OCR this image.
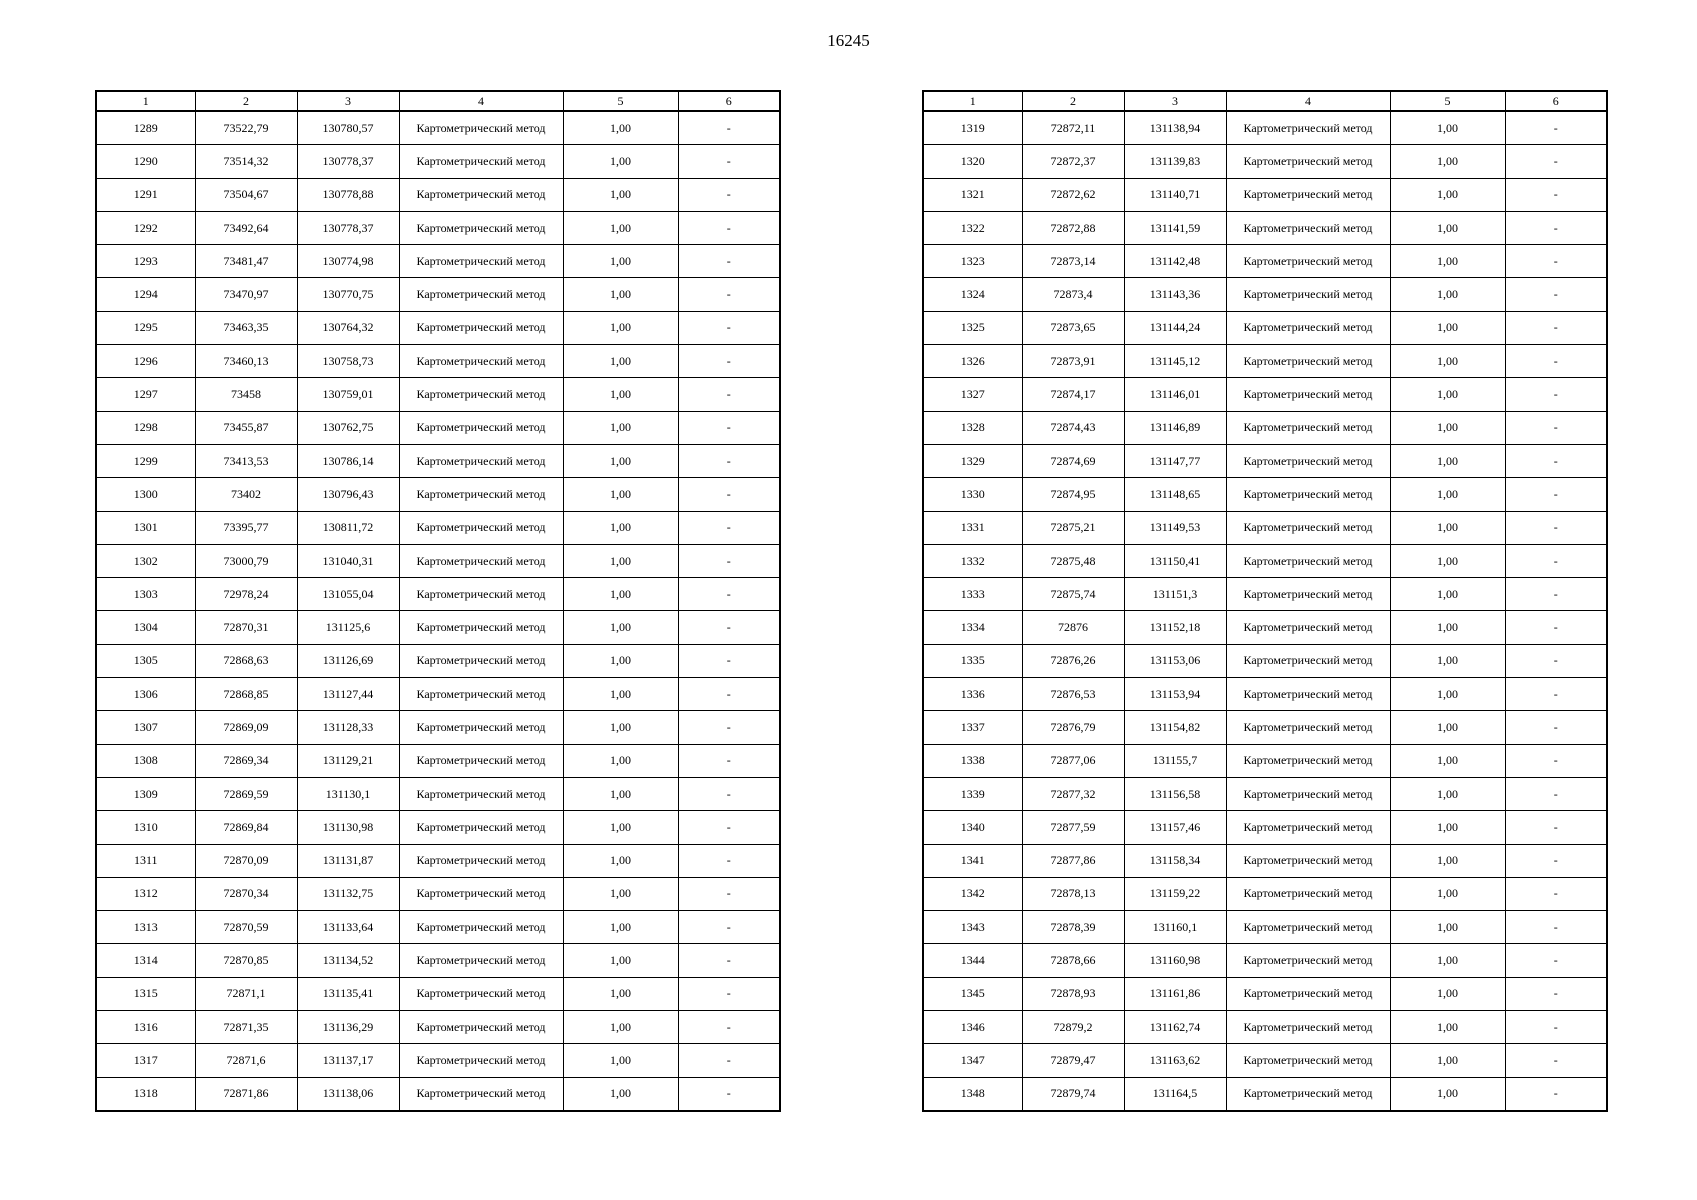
16245
1	2	3	4	5	6
1289	73522,79	130780,57	Картометрический метод	1,00	-
1290	73514,32	130778,37	Картометрический метод	1,00	-
1291	73504,67	130778,88	Картометрический метод	1,00	-
1292	73492,64	130778,37	Картометрический метод	1,00	-
1293	73481,47	130774,98	Картометрический метод	1,00	-
1294	73470,97	130770,75	Картометрический метод	1,00	-
1295	73463,35	130764,32	Картометрический метод	1,00	-
1296	73460,13	130758,73	Картометрический метод	1,00	-
1297	73458	130759,01	Картометрический метод	1,00	-
1298	73455,87	130762,75	Картометрический метод	1,00	-
1299	73413,53	130786,14	Картометрический метод	1,00	-
1300	73402	130796,43	Картометрический метод	1,00	-
1301	73395,77	130811,72	Картометрический метод	1,00	-
1302	73000,79	131040,31	Картометрический метод	1,00	-
1303	72978,24	131055,04	Картометрический метод	1,00	-
1304	72870,31	131125,6	Картометрический метод	1,00	-
1305	72868,63	131126,69	Картометрический метод	1,00	-
1306	72868,85	131127,44	Картометрический метод	1,00	-
1307	72869,09	131128,33	Картометрический метод	1,00	-
1308	72869,34	131129,21	Картометрический метод	1,00	-
1309	72869,59	131130,1	Картометрический метод	1,00	-
1310	72869,84	131130,98	Картометрический метод	1,00	-
1311	72870,09	131131,87	Картометрический метод	1,00	-
1312	72870,34	131132,75	Картометрический метод	1,00	-
1313	72870,59	131133,64	Картометрический метод	1,00	-
1314	72870,85	131134,52	Картометрический метод	1,00	-
1315	72871,1	131135,41	Картометрический метод	1,00	-
1316	72871,35	131136,29	Картометрический метод	1,00	-
1317	72871,6	131137,17	Картометрический метод	1,00	-
1318	72871,86	131138,06	Картометрический метод	1,00	-
1	2	3	4	5	6
1319	72872,11	131138,94	Картометрический метод	1,00	-
1320	72872,37	131139,83	Картометрический метод	1,00	-
1321	72872,62	131140,71	Картометрический метод	1,00	-
1322	72872,88	131141,59	Картометрический метод	1,00	-
1323	72873,14	131142,48	Картометрический метод	1,00	-
1324	72873,4	131143,36	Картометрический метод	1,00	-
1325	72873,65	131144,24	Картометрический метод	1,00	-
1326	72873,91	131145,12	Картометрический метод	1,00	-
1327	72874,17	131146,01	Картометрический метод	1,00	-
1328	72874,43	131146,89	Картометрический метод	1,00	-
1329	72874,69	131147,77	Картометрический метод	1,00	-
1330	72874,95	131148,65	Картометрический метод	1,00	-
1331	72875,21	131149,53	Картометрический метод	1,00	-
1332	72875,48	131150,41	Картометрический метод	1,00	-
1333	72875,74	131151,3	Картометрический метод	1,00	-
1334	72876	131152,18	Картометрический метод	1,00	-
1335	72876,26	131153,06	Картометрический метод	1,00	-
1336	72876,53	131153,94	Картометрический метод	1,00	-
1337	72876,79	131154,82	Картометрический метод	1,00	-
1338	72877,06	131155,7	Картометрический метод	1,00	-
1339	72877,32	131156,58	Картометрический метод	1,00	-
1340	72877,59	131157,46	Картометрический метод	1,00	-
1341	72877,86	131158,34	Картометрический метод	1,00	-
1342	72878,13	131159,22	Картометрический метод	1,00	-
1343	72878,39	131160,1	Картометрический метод	1,00	-
1344	72878,66	131160,98	Картометрический метод	1,00	-
1345	72878,93	131161,86	Картометрический метод	1,00	-
1346	72879,2	131162,74	Картометрический метод	1,00	-
1347	72879,47	131163,62	Картометрический метод	1,00	-
1348	72879,74	131164,5	Картометрический метод	1,00	-
